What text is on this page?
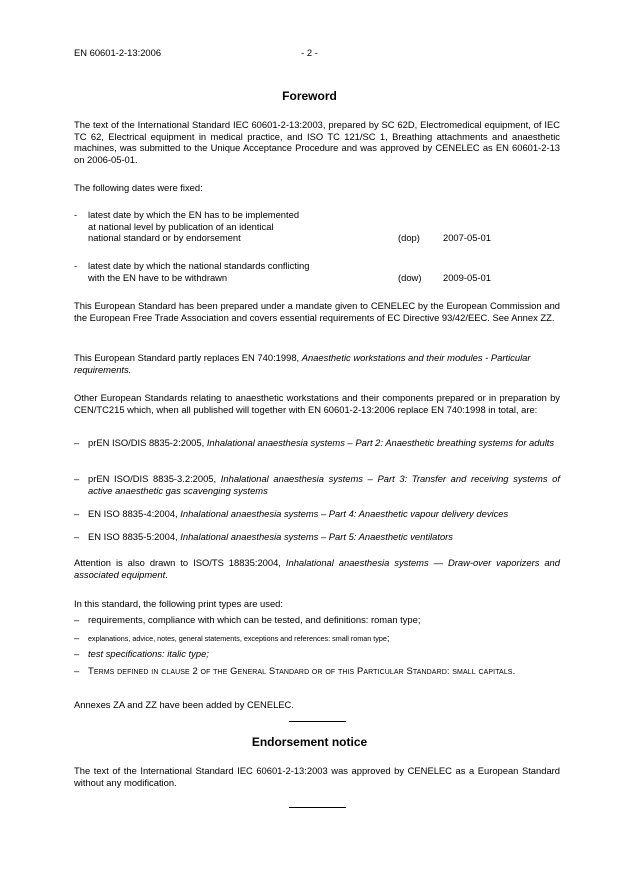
EN 60601-2-13:2006	- 2 -
Foreword
The text of the International Standard IEC 60601-2-13:2003, prepared by SC 62D, Electromedical equipment, of IEC TC 62, Electrical equipment in medical practice, and ISO TC 121/SC 1, Breathing attachments and anaesthetic machines, was submitted to the Unique Acceptance Procedure and was approved by CENELEC as EN 60601-2-13 on 2006-05-01.
The following dates were fixed:
-	latest date by which the EN has to be implemented
at national level by publication of an identical
national standard or by endorsement	(dop) 2007-05-01
-	latest date by which the national standards conflicting
with the EN have to be withdrawn	(dow) 2009-05-01
This European Standard has been prepared under a mandate given to CENELEC by the European Commission and the European Free Trade Association and covers essential requirements of EC Directive 93/42/EEC. See Annex ZZ.
This European Standard partly replaces EN 740:1998, Anaesthetic workstations and their modules - Particular requirements.
Other European Standards relating to anaesthetic workstations and their components prepared or in preparation by CEN/TC215 which, when all published will together with EN 60601-2-13:2006 replace EN 740:1998 in total, are:
– prEN ISO/DIS 8835-2:2005, Inhalational anaesthesia systems – Part 2: Anaesthetic breathing systems for adults
– prEN ISO/DIS 8835-3.2:2005, Inhalational anaesthesia systems – Part 3: Transfer and receiving systems of active anaesthetic gas scavenging systems
– EN ISO 8835-4:2004, Inhalational anaesthesia systems – Part 4: Anaesthetic vapour delivery devices
– EN ISO 8835-5:2004, Inhalational anaesthesia systems – Part 5: Anaesthetic ventilators
Attention is also drawn to ISO/TS 18835:2004, Inhalational anaesthesia systems — Draw-over vaporizers and associated equipment.
In this standard, the following print types are used:
– requirements, compliance with which can be tested, and definitions: roman type;
–	explanations, advice, notes, general statements, exceptions and references: small roman type;
– test specifications: italic type;
– Terms defined in clause 2 of the General Standard or of this Particular Standard: small capitals.
Annexes ZA and ZZ have been added by CENELEC.
Endorsement notice
The text of the International Standard IEC 60601-2-13:2003 was approved by CENELEC as a European Standard without any modification.
